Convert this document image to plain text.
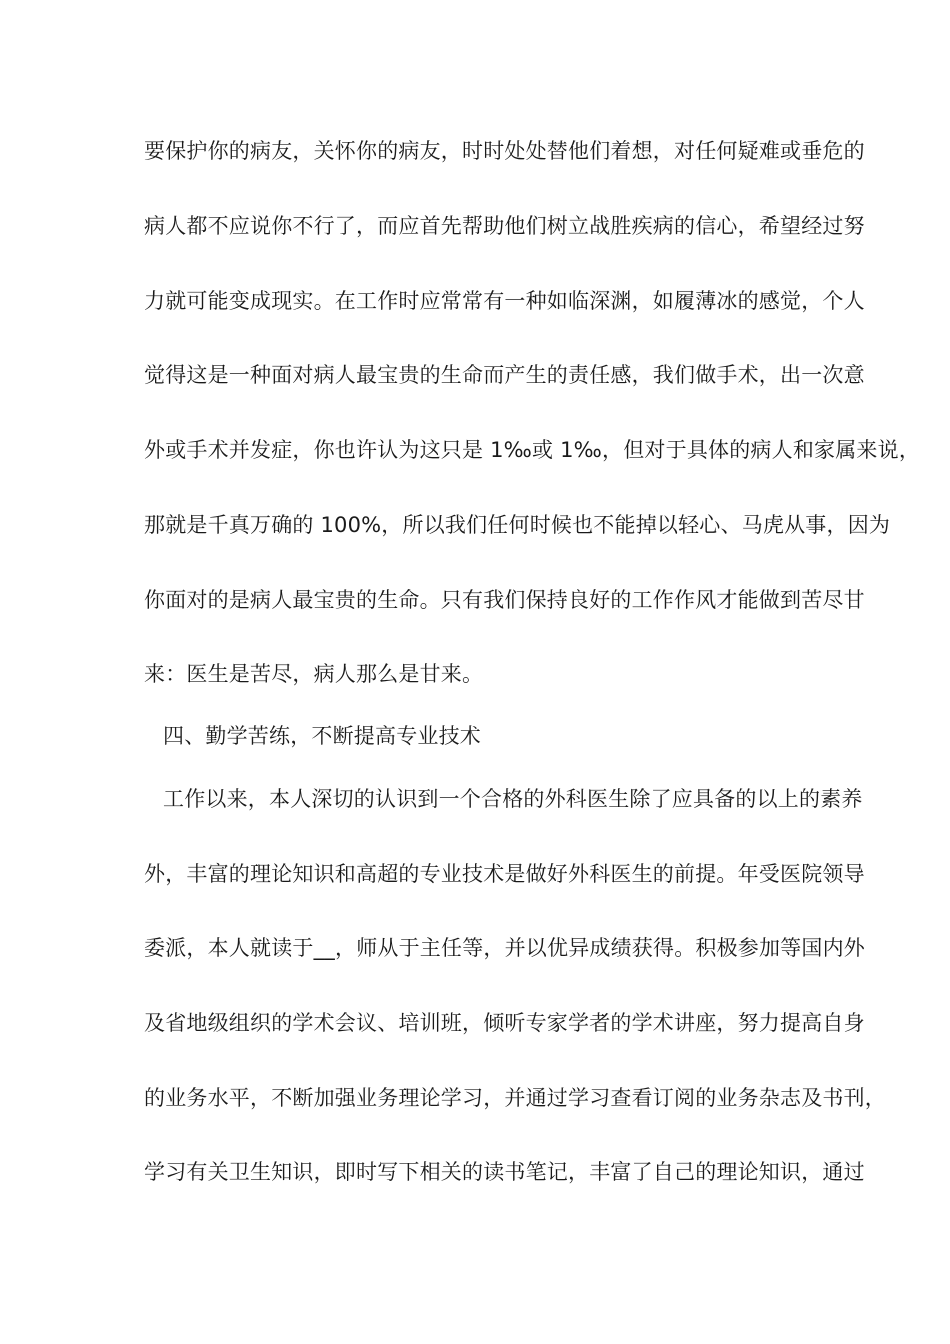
要保护你的病友，关怀你的病友，时时处处替他们着想，对任何疑难或垂危的
病人都不应说你不行了，而应首先帮助他们树立战胜疾病的信心，希望经过努
力就可能变成现实。在工作时应常常有一种如临深渊，如履薄冰的感觉，个人
觉得这是一种面对病人最宝贵的生命而产生的责任感，我们做手术，出一次意
外或手术并发症，你也许认为这只是 1‰或 1‰，但对于具体的病人和家属来说，
那就是千真万确的 100%，所以我们任何时候也不能掉以轻心、马虎从事，因为
你面对的是病人最宝贵的生命。只有我们保持良好的工作作风才能做到苦尽甘
来：医生是苦尽，病人那么是甘来。
四、勤学苦练，不断提高专业技术
工作以来，本人深切的认识到一个合格的外科医生除了应具备的以上的素养
外，丰富的理论知识和高超的专业技术是做好外科医生的前提。年受医院领导
委派，本人就读于__，师从于主任等，并以优异成绩获得。积极参加等国内外
及省地级组织的学术会议、培训班，倾听专家学者的学术讲座，努力提高自身
的业务水平，不断加强业务理论学习，并通过学习查看订阅的业务杂志及书刊，
学习有关卫生知识，即时写下相关的读书笔记，丰富了自己的理论知识，通过
